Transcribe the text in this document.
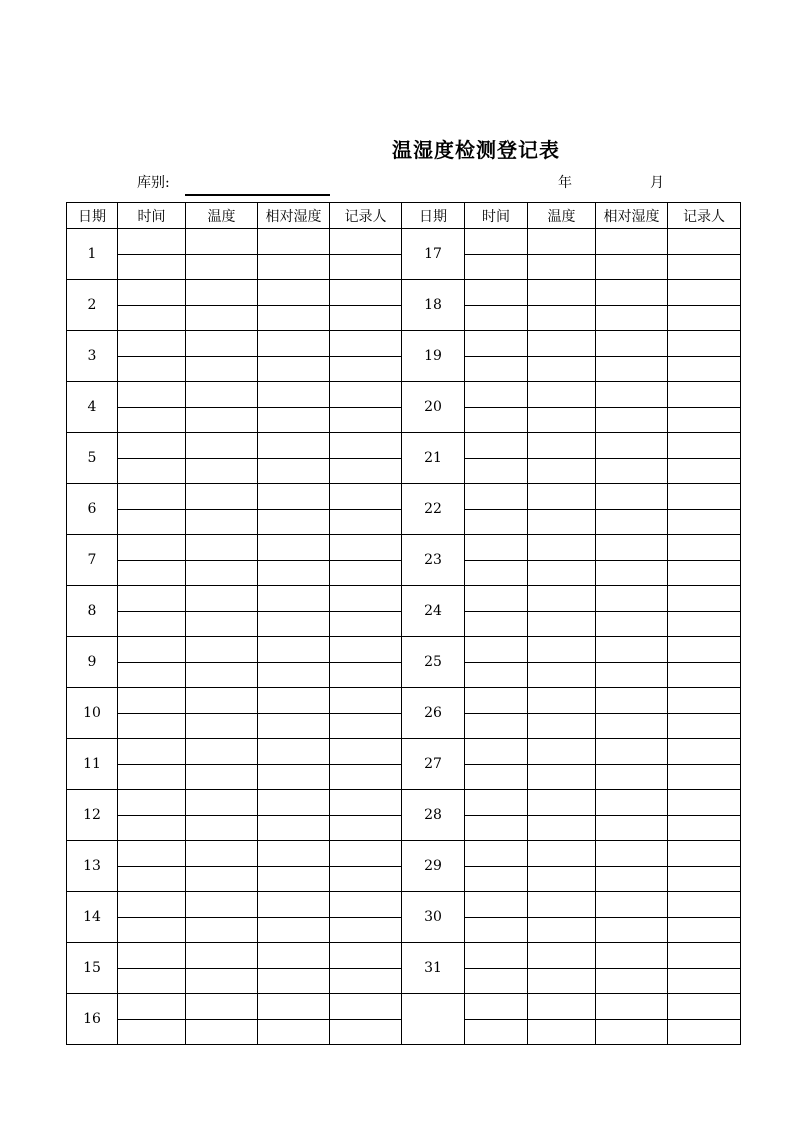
温湿度检测登记表
库别:	年	月
日期	时间	温度	相对湿度	记录人	日期	时间	温度	相对湿度	记录人
1					17				

2					18				

3					19				

4					20				

5					21				

6					22				

7					23				

8					24				

9					25				

10					26				

11					27				

12					28				

13					29				

14					30				

15					31				

16									
